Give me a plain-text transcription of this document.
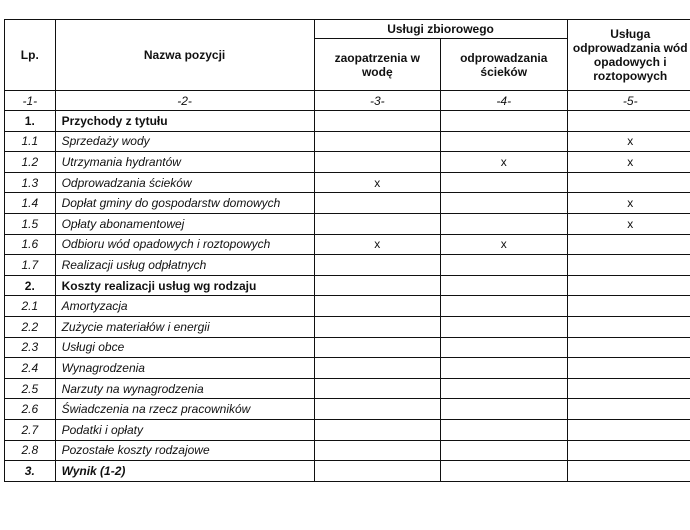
Lp.	Nazwa pozycji	Usługi zbiorowego		Usługa odprowadzania wód opadowych i roztopowych
		zaopatrzenia w wodę	odprowadzania ścieków	
-1-	-2-	-3-	-4-	-5-
1.	Przychody z tytułu			
1.1	Sprzedaży wody			x
1.2	Utrzymania hydrantów		x	x
1.3	Odprowadzania ścieków	x		
1.4	Dopłat gminy do gospodarstw domowych			x
1.5	Opłaty abonamentowej			x
1.6	Odbioru wód opadowych i roztopowych	x	x	
1.7	Realizacji usług odpłatnych			
2.	Koszty realizacji usług wg rodzaju			
2.1	Amortyzacja			
2.2	Zużycie materiałów i energii			
2.3	Usługi obce			
2.4	Wynagrodzenia			
2.5	Narzuty na wynagrodzenia			
2.6	Świadczenia na rzecz pracowników			
2.7	Podatki i opłaty			
2.8	Pozostałe koszty rodzajowe			
3.	Wynik (1-2)			
